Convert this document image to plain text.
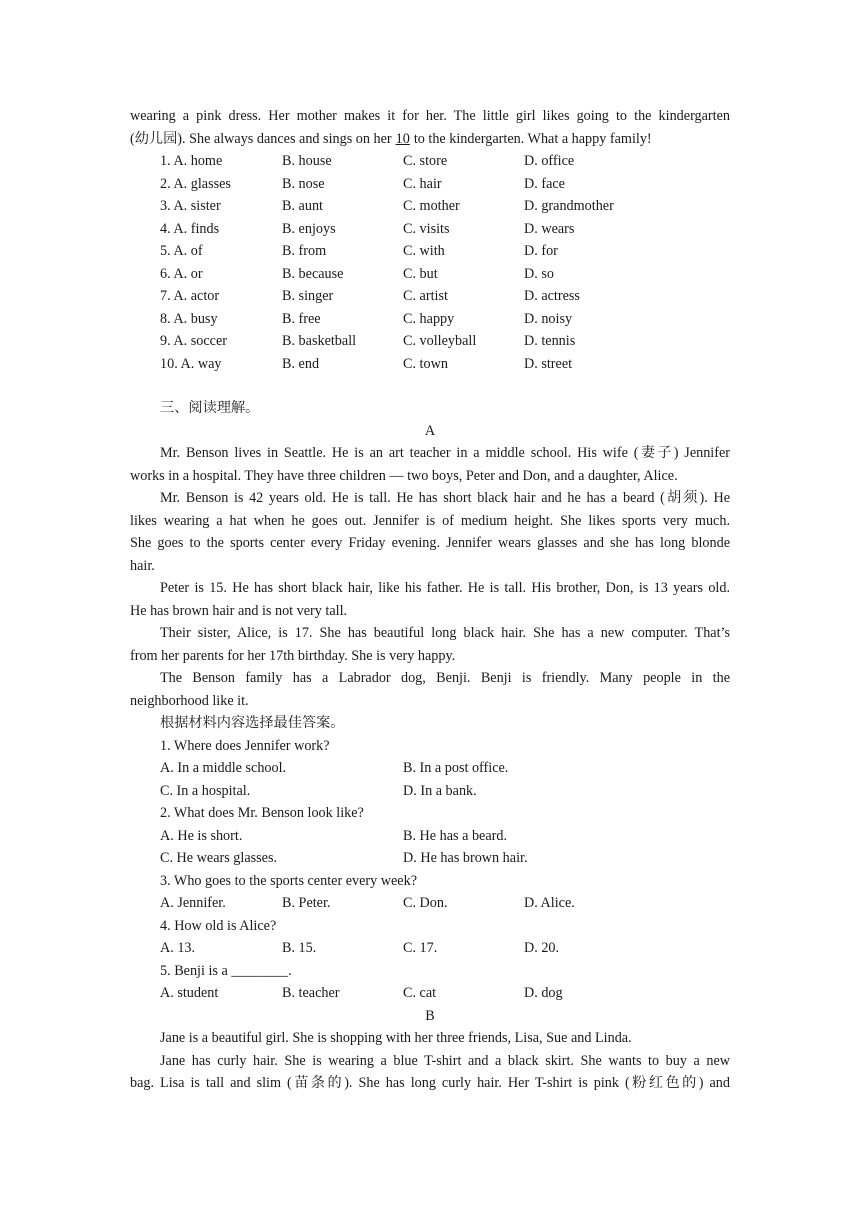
wearing a pink dress. Her mother makes it for her. The little girl likes going to the kindergarten
(幼儿园). She always dances and sings on her 10 to the kindergarten. What a happy family!
1. A. home	B. house	C. store	D. office
2. A. glasses	B. nose	C. hair	D. face
3. A. sister	B. aunt	C. mother	D. grandmother
4. A. finds	B. enjoys	C. visits	D. wears
5. A. of	B. from	C. with	D. for
6. A. or	B. because	C. but	D. so
7. A. actor	B. singer	C. artist	D. actress
8. A. busy	B. free	C. happy	D. noisy
9. A. soccer	B. basketball	C. volleyball	D. tennis
10. A. way	B. end	C. town	D. street
三、阅读理解。
A
Mr. Benson lives in Seattle. He is an art teacher in a middle school. His wife (妻子) Jennifer
works in a hospital. They have three children — two boys, Peter and Don, and a daughter, Alice.
Mr. Benson is 42 years old. He is tall. He has short black hair and he has a beard (胡须). He
likes wearing a hat when he goes out. Jennifer is of medium height. She likes sports very much.
She goes to the sports center every Friday evening. Jennifer wears glasses and she has long blonde
hair.
Peter is 15. He has short black hair, like his father. He is tall. His brother, Don, is 13 years old.
He has brown hair and is not very tall.
Their sister, Alice, is 17. She has beautiful long black hair. She has a new computer. That’s
from her parents for her 17th birthday. She is very happy.
The Benson family has a Labrador dog, Benji. Benji is friendly. Many people in the
neighborhood like it.
根据材料内容选择最佳答案。
1. Where does Jennifer work?
A. In a middle school.	B. In a post office.
C. In a hospital.	D. In a bank.
2. What does Mr. Benson look like?
A. He is short.	B. He has a beard.
C. He wears glasses.	D. He has brown hair.
3. Who goes to the sports center every week?
A. Jennifer.	B. Peter.	C. Don.	D. Alice.
4. How old is Alice?
A. 13.	B. 15.	C. 17.	D. 20.
5. Benji is a ________.
A. student	B. teacher	C. cat	D. dog
B
Jane is a beautiful girl. She is shopping with her three friends, Lisa, Sue and Linda.
Jane has curly hair. She is wearing a blue T-shirt and a black skirt. She wants to buy a new
bag. Lisa is tall and slim (苗条的). She has long curly hair. Her T-shirt is pink (粉红色的) and
